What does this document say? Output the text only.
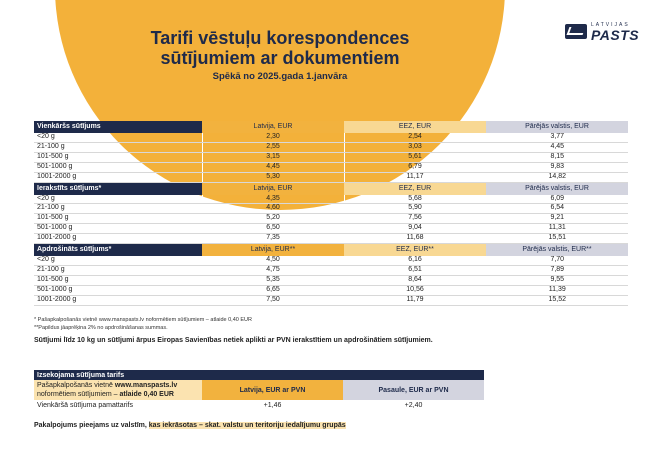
Tarifi vēstuļu korespondences
sūtījumiem ar dokumentiem
Spēkā no 2025.gada 1.janvāra
LATVIJAS
PASTS
Vienkāršs sūtījums	Latvija, EUR	EEZ, EUR	Pārējās valstis, EUR
<20 g	2,30	2,54	3,77
21-100 g	2,55	3,03	4,45
101-500 g	3,15	5,61	8,15
501-1000 g	4,45	6,79	9,83
1001-2000 g	5,30	11,17	14,82
Ierakstīts sūtījums*	Latvija, EUR	EEZ, EUR	Pārējās valstis, EUR
<20 g	4,35	5,68	6,09
21-100 g	4,60	5,90	6,54
101-500 g	5,20	7,56	9,21
501-1000 g	6,50	9,04	11,31
1001-2000 g	7,35	11,68	15,51
Apdrošināts sūtījums*	Latvija, EUR**	EEZ, EUR**	Pārējās valstis, EUR**
<20 g	4,50	6,16	7,70
21-100 g	4,75	6,51	7,89
101-500 g	5,35	8,64	9,55
501-1000 g	6,65	10,56	11,39
1001-2000 g	7,50	11,79	15,52
* Pašapkalpošanās vietnē www.manspasts.lv noformētiem sūtījumiem – atlaide 0,40 EUR
**Papildus jāaprēķina 2% no apdrošināšanas summas.
Sūtījumi līdz 10 kg un sūtījumi ārpus Eiropas Savienības netiek aplikti ar PVN ierakstītiem un apdrošinātiem sūtījumiem.
Izsekojama sūtījuma tarifs		
Pašapkalpošanās vietnē www.manspasts.lv
noformētiem sūtījumiem – atlaide 0,40 EUR	Latvija, EUR ar PVN	Pasaule, EUR ar PVN
Vienkāršā sūtījuma pamattarifs	+1,46	+2,40
Pakalpojums pieejams uz valstīm, kas iekrāsotas – skat. valstu un teritoriju iedalījumu grupās
